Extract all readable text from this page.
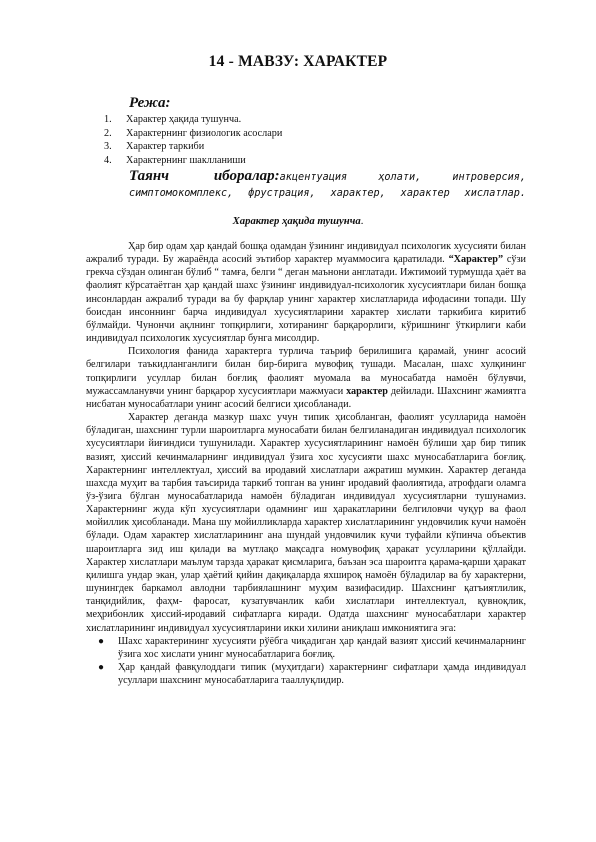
14 - МАВЗУ: ХАРАКТЕР
Режа:
1. Характер ҳақида тушунча.
2. Характернинг физиологик асослари
3. Характер таркиби
4. Характернинг шаклланиши
Таянч иборалар:акцентуация ҳолати, интроверсия, симптомокомплекс, фрустрация, характер, характер хислатлар.
Характер ҳақида тушунча.

Ҳар бир одам ҳар қандай бошқа одамдан ўзининг индивидуал психологик хусусияти билан ажралиб туради. Бу жараёнда асосий эътибор характер муаммосига қаратилади. “Характер” сўзи грекча сўздан олинган бўлиб “ тамға, белги “ деган маънони англатади. Ижтимоий турмушда ҳаёт ва фаолият кўрсатаётган ҳар қандай шахс ўзининг индивидуал-психологик хусусиятлари билан бошқа инсонлардан ажралиб туради ва бу фарқлар унинг характер хислатларида ифодасини топади. Шу боисдан инсоннинг барча индивидуал хусусиятларини характер хислати таркибига киритиб бўлмайди. Чунончи ақлнинг топқирлиги, хотиранинг барқарорлиги, кўришнинг ўткирлиги каби индивидуал психологик хусусиятлар бунга мисолдир.

Психология фанида характерга турлича таъриф берилишига қарамай, унинг асосий белгилари таъкидланганлиги билан бир-бирига мувофиқ тушади. Масалан, шахс хулқининг топқирлиги усуллар билан боғлиқ фаолият муомала ва муносабатда намоён бўлувчи, мужассамланувчи унинг барқарор хусусиятлари мажмуаси характер дейилади. Шахснинг жамиятга нисбатан муносабатлари унинг асосий белгиси ҳисобланади.

Характер деганда мазкур шахс учун типик ҳисобланган, фаолият усулларида намоён бўладиган, шахснинг турли шароитларга муносабати билан белгиланадиган индивидуал психологик хусусиятлари йиғиндиси тушунилади. Характер хусусиятларининг намоён бўлиши ҳар бир типик вазият, ҳиссий кечинмаларнинг индивидуал ўзига хос хусусияти шахс муносабатларига боғлиқ. Характернинг интеллектуал, ҳиссий ва иродавий хислатлари ажратиш мумкин. Характер деганда шахсда муҳит ва тарбия таъсирида таркиб топган ва унинг иродавий фаолиятида, атрофдаги оламга ўз-ўзига бўлган муносабатларида намоён бўладиган индивидуал хусусиятларни тушунамиз. Характернинг жуда кўп хусусиятлари одамнинг иш ҳаракатларини белгиловчи чуқур ва фаол мойиллик ҳисобланади. Мана шу мойилликларда характер хислатларининг ундовчилик кучи намоён бўлади. Одам характер хислатларининг ана шундай ундовчилик кучи туфайли кўпинча объектив шароитларга зид иш қилади ва мутлақо мақсадга номувофиқ ҳаракат усулларини қўллайди. Характер хислатлари маълум тарзда ҳаракат қисмларига, баъзан эса шароитга қарама-қарши ҳаракат қилишга ундар экан, улар ҳаётий қийин дақиқаларда яхшироқ намоён бўладилар ва бу характерни, шунингдек баркамол авлодни тарбиялашнинг муҳим вазифасидир. Шахснинг қатъиятлилик, танқидийлик, фаҳм- фаросат, кузатувчанлик каби хислатлари интеллектуал, қувноқлик, меҳрибонлик ҳиссий-иродавий сифатларга киради. Одатда шахснинг муносабатлари характер хислатларининг индивидуал хусусиятларини икки хилини аниқлаш имкониятига эга:

● Шахс характерининг хусусияти рўёбга чиқадиган ҳар қандай вазият ҳиссий кечинмаларнинг ўзига хос хислати унинг муносабатларига боғлиқ.
● Ҳар қандай фавқулоддаги типик (муҳитдаги) характернинг сифатлари ҳамда индивидуал усуллари шахснинг муносабатларига тааллуқлидир.
